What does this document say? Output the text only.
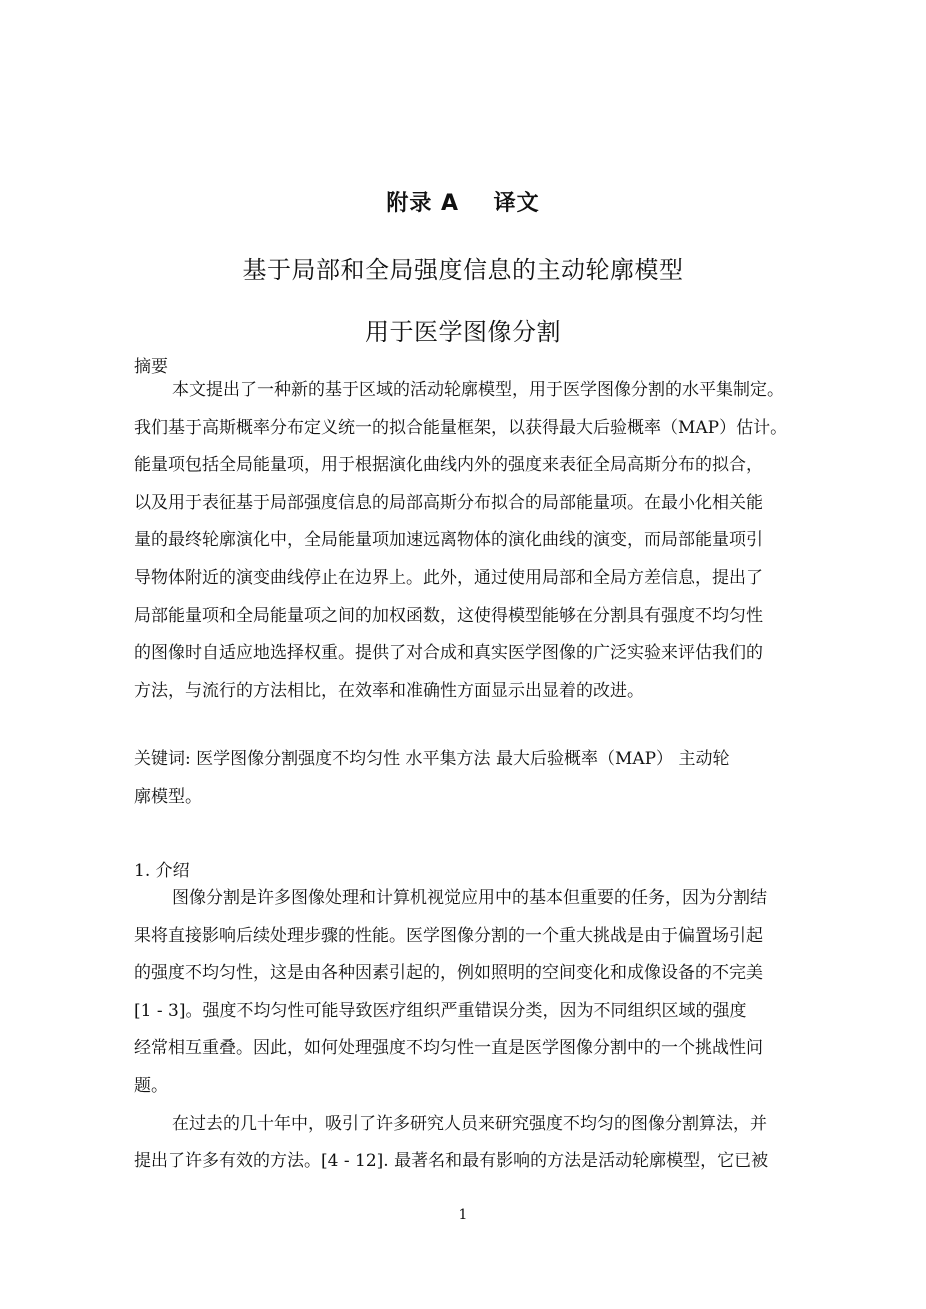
附录 A    译文
基于局部和全局强度信息的主动轮廓模型
用于医学图像分割
摘要
本文提出了一种新的基于区域的活动轮廓模型，用于医学图像分割的水平集制定。
我们基于高斯概率分布定义统一的拟合能量框架，以获得最大后验概率（MAP）估计。
能量项包括全局能量项，用于根据演化曲线内外的强度来表征全局高斯分布的拟合，
以及用于表征基于局部强度信息的局部高斯分布拟合的局部能量项。在最小化相关能
量的最终轮廓演化中，全局能量项加速远离物体的演化曲线的演变，而局部能量项引
导物体附近的演变曲线停止在边界上。此外，通过使用局部和全局方差信息，提出了
局部能量项和全局能量项之间的加权函数，这使得模型能够在分割具有强度不均匀性
的图像时自适应地选择权重。提供了对合成和真实医学图像的广泛实验来评估我们的
方法，与流行的方法相比，在效率和准确性方面显示出显着的改进。
关键词: 医学图像分割强度不均匀性 水平集方法 最大后验概率（MAP） 主动轮
廓模型。
1. 介绍
图像分割是许多图像处理和计算机视觉应用中的基本但重要的任务，因为分割结
果将直接影响后续处理步骤的性能。医学图像分割的一个重大挑战是由于偏置场引起
的强度不均匀性，这是由各种因素引起的，例如照明的空间变化和成像设备的不完美
[1 - 3]。强度不均匀性可能导致医疗组织严重错误分类，因为不同组织区域的强度
经常相互重叠。因此，如何处理强度不均匀性一直是医学图像分割中的一个挑战性问
题。
在过去的几十年中，吸引了许多研究人员来研究强度不均匀的图像分割算法，并
提出了许多有效的方法。[4 - 12]. 最著名和最有影响的方法是活动轮廓模型，它已被
1
